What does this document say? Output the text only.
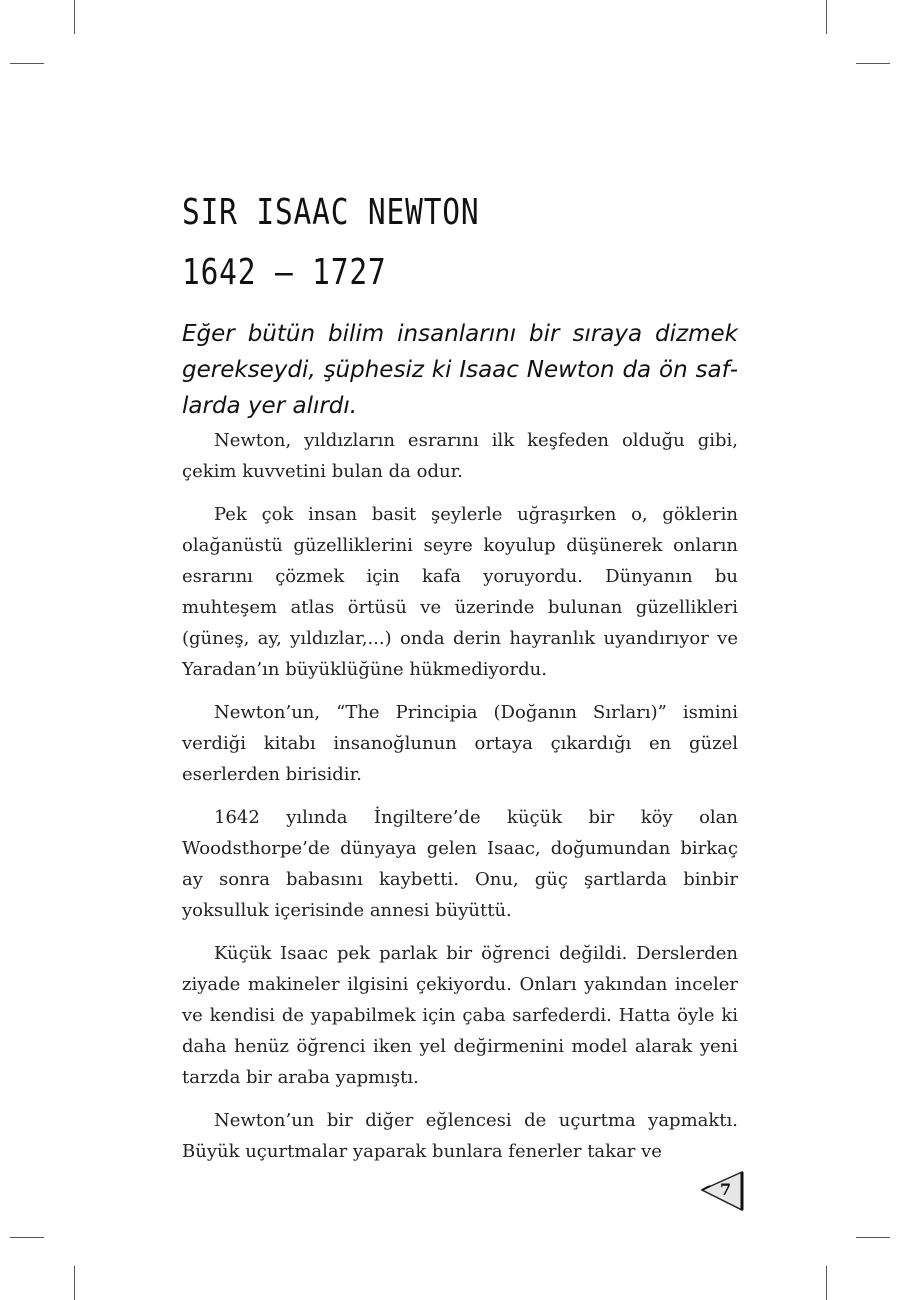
SIR ISAAC NEWTON
1642 – 1727

Eğer bütün bilim insanlarını bir sıraya dizmek gerekseydi, şüphesiz ki Isaac Newton da ön saflarda yer alırdı.

Newton, yıldızların esrarını ilk keşfeden olduğu gibi, çekim kuvvetini bulan da odur.

Pek çok insan basit şeylerle uğraşırken o, göklerin olağanüstü güzelliklerini seyre koyulup düşünerek onların esrarını çözmek için kafa yoruyordu. Dünyanın bu muhteşem atlas örtüsü ve üzerinde bulunan güzellikleri (güneş, ay, yıldızlar,...) onda derin hayranlık uyandırıyor ve Yaradan’ın büyüklüğüne hükmediyordu.

Newton’un, “The Principia (Doğanın Sırları)” ismini verdiği kitabı insanoğlunun ortaya çıkardığı en güzel eserlerden birisidir.

1642 yılında İngiltere’de küçük bir köy olan Woodsthorpe’de dünyaya gelen Isaac, doğumundan birkaç ay sonra babasını kaybetti. Onu, güç şartlarda binbir yoksulluk içerisinde annesi büyüttü.

Küçük Isaac pek parlak bir öğrenci değildi. Derslerden ziyade makineler ilgisini çekiyordu. Onları yakından inceler ve kendisi de yapabilmek için çaba sarfederdi. Hatta öyle ki daha henüz öğrenci iken yel değirmenini model alarak yeni tarzda bir araba yapmıştı.

Newton’un bir diğer eğlencesi de uçurtma yapmaktı. Büyük uçurtmalar yaparak bunlara fenerler takar ve

7
